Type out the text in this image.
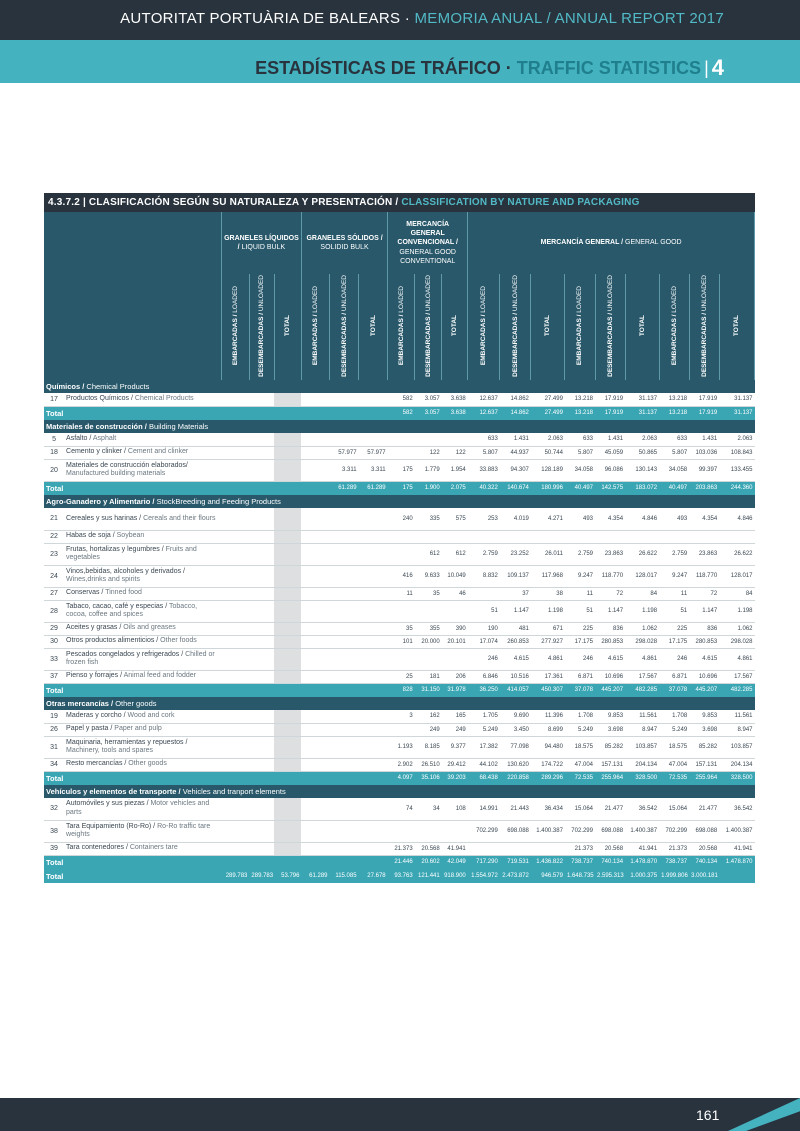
AUTORITAT PORTUÀRIA DE BALEARS · MEMORIA ANUAL / ANNUAL REPORT 2017
ESTADÍSTICAS DE TRÁFICO · TRAFFIC STATISTICS | 4
4.3.7.2 | CLASIFICACIÓN SEGÚN SU NATURALEZA Y PRESENTACIÓN / CLASSIFICATION BY NATURE AND PACKAGING																			
		GRANELES LÍQUIDOS / LIQUID BULK			GRANELES SÓLIDOS / SOLIDID BULK			MERCANCÍA GENERAL CONVENCIONAL / GENERAL GOOD CONVENTIONAL			MERCANCÍA GENERAL / GENERAL GOOD								
		EMBARCADAS / LOADED	DESEMBARCADAS / UNLOADED	TOTAL	EMBARCADAS / LOADED	DESEMBARCADAS / UNLOADED	TOTAL	EMBARCADAS / LOADED	DESEMBARCADAS / UNLOADED	TOTAL	EMBARCADAS / LOADED	DESEMBARCADAS / UNLOADED	TOTAL	EMBARCADAS / LOADED	DESEMBARCADAS / UNLOADED	TOTAL	EMBARCADAS / LOADED	DESEMBARCADAS / UNLOADED	TOTAL
Químicos / Chemical Products																			
17	Productos Químicos / Chemical Products							582	3.057	3.638	12.637	14.862	27.499	13.218	17.919	31.137	13.218	17.919	31.137
Total								582	3.057	3.638	12.637	14.862	27.499	13.218	17.919	31.137	13.218	17.919	31.137
Materiales de construcción / Building Materials																			
5	Asfalto / Asphalt										633	1.431	2.063	633	1.431	2.063	633	1.431	2.063
18	Cemento y clinker / Cement and clinker					57.977	57.977		122	122	5.807	44.937	50.744	5.807	45.059	50.865	5.807	103.036	108.843
20	Materiales de construcción elaborados/ Manufactured building materials					3.311	3.311	175	1.779	1.954	33.883	94.307	128.189	34.058	96.086	130.143	34.058	99.397	133.455
Total						61.289	61.289	175	1.900	2.075	40.322	140.674	180.996	40.497	142.575	183.072	40.497	203.863	244.360
Agro-Ganadero y Alimentario / StockBreeding and Feeding Products																			
21	Cereales y sus harinas / Cereals and their flours							240	335	575	253	4.019	4.271	493	4.354	4.846	493	4.354	4.846
22	Habas de soja / Soybean																		
23	Frutas, hortalizas y legumbres / Fruits and vegetables								612	612	2.759	23.252	26.011	2.759	23.863	26.622	2.759	23.863	26.622
24	Vinos,bebidas, alcoholes y derivados / Wines,drinks and spirits							416	9.633	10.049	8.832	109.137	117.968	9.247	118.770	128.017	9.247	118.770	128.017
27	Conservas / Tinned food							11	35	46		37	38	11	72	84	11	72	84
28	Tabaco, cacao, café y especias / Tobacco, cocoa, coffee and spices										51	1.147	1.198	51	1.147	1.198	51	1.147	1.198
29	Aceites y grasas / Oils and greases							35	355	390	190	481	671	225	836	1.062	225	836	1.062
30	Otros productos alimenticios / Other foods							101	20.000	20.101	17.074	260.853	277.927	17.175	280.853	298.028	17.175	280.853	298.028
33	Pescados congelados y refrigerados / Chilled or frozen fish										246	4.615	4.861	246	4.615	4.861	246	4.615	4.861
37	Pienso y forrajes / Animal feed and fodder							25	181	206	6.846	10.516	17.361	6.871	10.696	17.567	6.871	10.696	17.567
Total								828	31.150	31.978	36.250	414.057	450.307	37.078	445.207	482.285	37.078	445.207	482.285
Otras mercancías / Other goods																			
19	Maderas y corcho / Wood and cork							3	162	165	1.705	9.690	11.396	1.708	9.853	11.561	1.708	9.853	11.561
26	Papel y pasta / Paper and pulp								249	249	5.249	3.450	8.699	5.249	3.698	8.947	5.249	3.698	8.947
31	Maquinaria, herramientas y repuestos / Machinery, tools and spares							1.193	8.185	9.377	17.382	77.098	94.480	18.575	85.282	103.857	18.575	85.282	103.857
34	Resto mercancías / Other goods							2.902	26.510	29.412	44.102	130.620	174.722	47.004	157.131	204.134	47.004	157.131	204.134
Total								4.097	35.106	39.203	68.438	220.858	289.296	72.535	255.964	328.500	72.535	255.964	328.500
Vehículos y elementos de transporte / Vehicles and tranport elements																			
32	Automóviles y sus piezas / Motor vehicles and parts							74	34	108	14.991	21.443	36.434	15.064	21.477	36.542	15.064	21.477	36.542
38	Tara Equipamiento (Ro-Ro) / Ro-Ro traffic tare weights										702.299	698.088	1.400.387	702.299	698.088	1.400.387	702.299	698.088	1.400.387
39	Tara contenedores / Containers tare							21.373	20.568	41.941				21.373	20.568	41.941	21.373	20.568	41.941
Total								21.446	20.602	42.049	717.290	719.531	1.436.822	738.737	740.134	1.478.870	738.737	740.134	1.478.870
Total		289.783	289.783	53.796	61.289	115.085	27.678	93.763	121.441	918.900	1.554.972	2.473.872	946.579	1.648.735	2.595.313	1.000.375	1.999.806	3.000.181	
161
